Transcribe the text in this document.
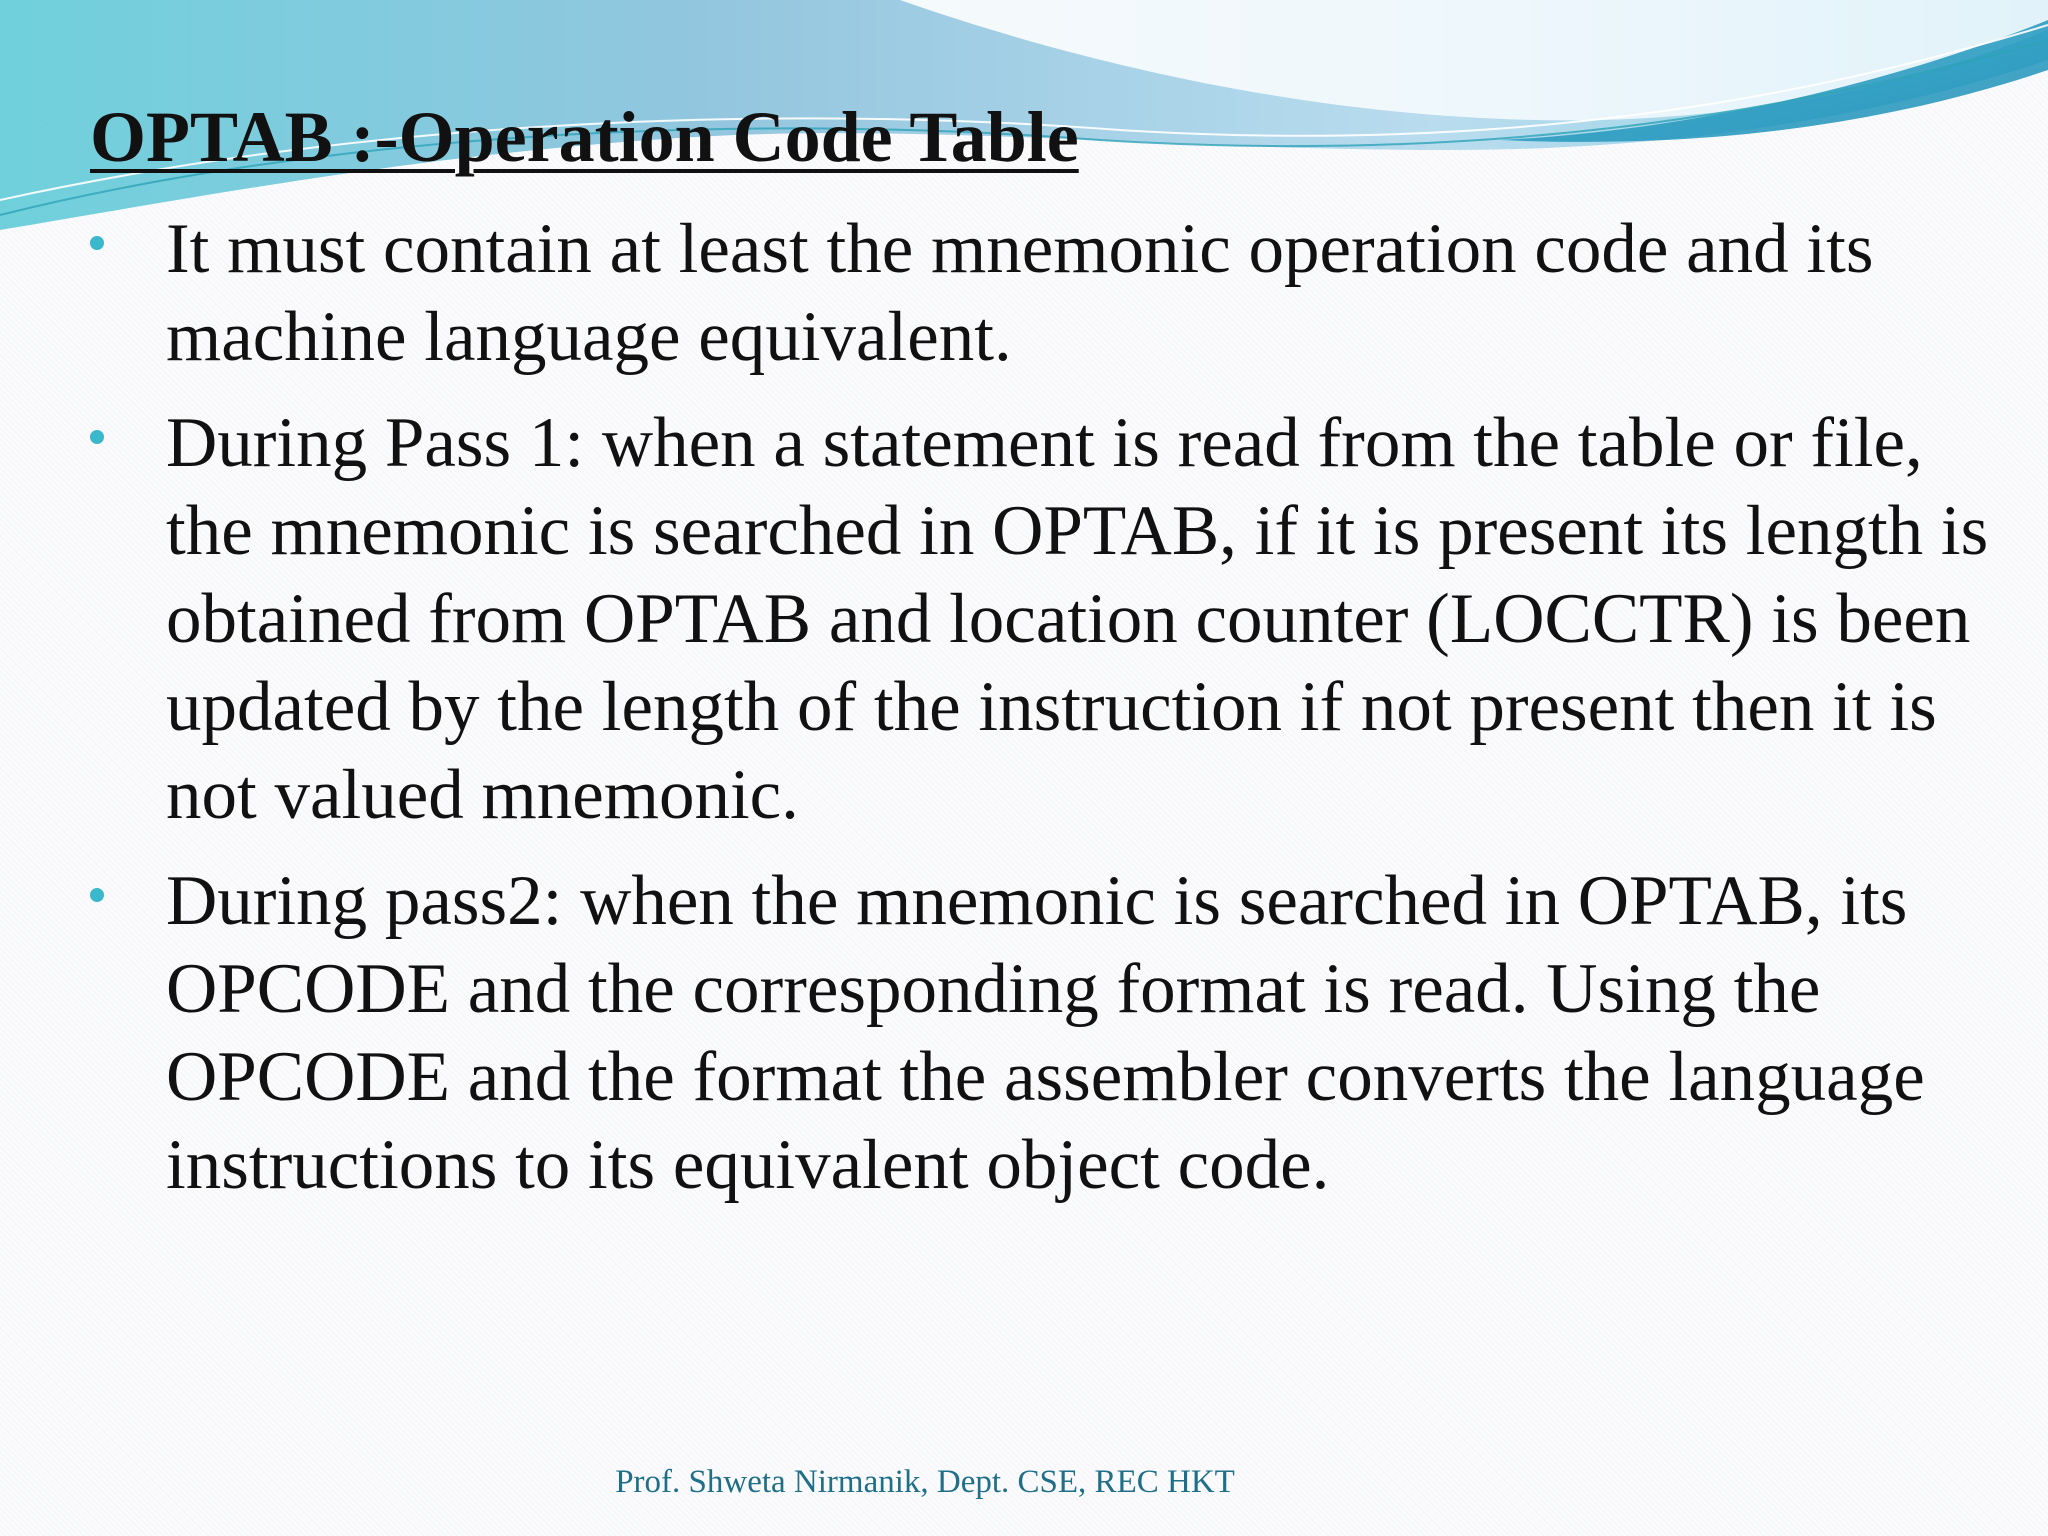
OPTAB :-Operation Code Table
It must contain at least the mnemonic operation code and its machine language equivalent.
During Pass 1: when a statement is read from the table or file, the mnemonic is searched in OPTAB, if it is present its length is obtained from OPTAB and location counter (LOCCTR) is been updated by the length of the instruction if not present then it is not valued mnemonic.
During pass2: when the mnemonic is searched in OPTAB, its OPCODE and the corresponding format is read. Using the OPCODE and the format the assembler converts the language instructions to its equivalent object code.
Prof. Shweta Nirmanik, Dept. CSE, REC HKT
